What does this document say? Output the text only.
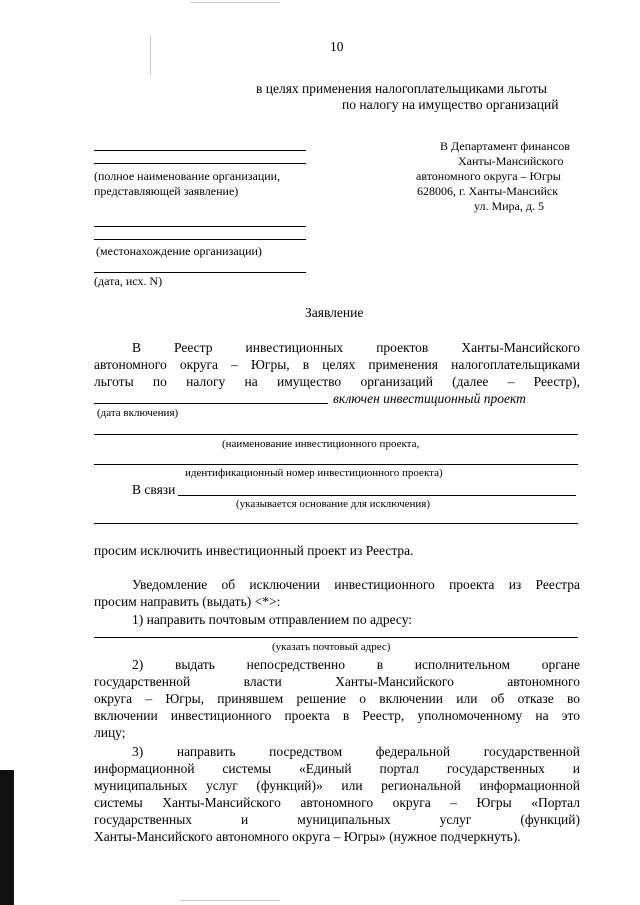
10
в целях применения налогоплательщиками льготы
по налогу на имущество организаций
В Департамент финансов
Ханты-Мансийского
автономного округа – Югры
628006, г. Ханты-Мансийск
ул. Мира, д. 5
(полное наименование организации,
представляющей заявление)
(местонахождение организации)
(дата, исх. N)
Заявление
В Реестр инвестиционных проектов Ханты-Мансийского
автономного округа – Югры, в целях применения налогоплательщиками
льготы по налогу на имущество организаций (далее – Реестр),
включен инвестиционный проект
(дата включения)
(наименование инвестиционного проекта,
идентификационный номер инвестиционного проекта)
В связи
(указывается основание для исключения)
просим исключить инвестиционный проект из Реестра.
Уведомление об исключении инвестиционного проекта из Реестра
просим направить (выдать) <*>:
1) направить почтовым отправлением по адресу:
(указать почтовый адрес)
2) выдать непосредственно в исполнительном органе
государственной власти Ханты-Мансийского автономного
округа – Югры, принявшем решение о включении или об отказе во
включении инвестиционного проекта в Реестр, уполномоченному на это
лицу;
3) направить посредством федеральной государственной
информационной системы «Единый портал государственных и
муниципальных услуг (функций)» или региональной информационной
системы Ханты-Мансийского автономного округа – Югры «Портал
государственных и муниципальных услуг (функций)
Ханты-Мансийского автономного округа – Югры» (нужное подчеркнуть).
